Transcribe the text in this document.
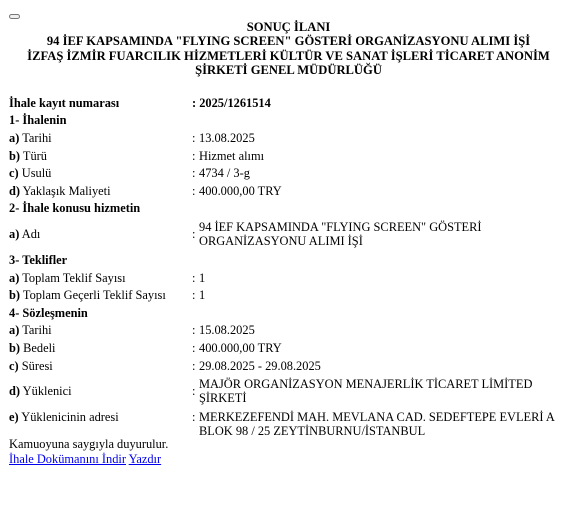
SONUÇ İLANI
94 İEF KAPSAMINDA "FLYING SCREEN" GÖSTERİ ORGANİZASYONU ALIMI İŞİ
İZFAŞ İZMİR FUARCILIK HİZMETLERİ KÜLTÜR VE SANAT İŞLERİ TİCARET ANONİM
ŞİRKETİ GENEL MÜDÜRLÜĞÜ
İhale kayıt numarası	: 2025/1261514	
1- İhalenin		
a) Tarihi	:	13.08.2025
b) Türü	:	Hizmet alımı
c) Usulü	:	4734 / 3-g
d) Yaklaşık Maliyeti	:	400.000,00 TRY
2- İhale konusu hizmetin		
a) Adı	:	94 İEF KAPSAMINDA "FLYING SCREEN" GÖSTERİ
ORGANİZASYONU ALIMI İŞİ

3- Teklifler		
a) Toplam Teklif Sayısı	:	1
b) Toplam Geçerli Teklif Sayısı	:	1
4- Sözleşmenin		
a) Tarihi	:	15.08.2025
b) Bedeli	:	400.000,00 TRY
c) Süresi	:	29.08.2025 - 29.08.2025
d) Yüklenici	:	MAJÖR ORGANİZASYON MENAJERLİK TİCARET LİMİTED
ŞİRKETİ

e) Yüklenicinin adresi	:	MERKEZEFENDİ MAH. MEVLANA CAD. SEDEFTEPE EVLERİ A
BLOK 98 / 25 ZEYTİNBURNU/İSTANBUL
Kamuoyuna saygıyla duyurulur.
İhale Dokümanını İndir Yazdır
